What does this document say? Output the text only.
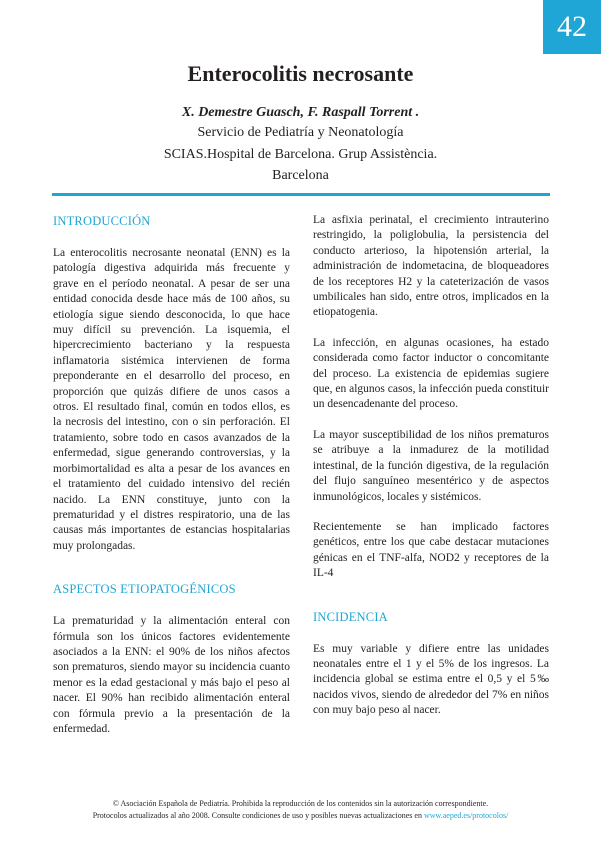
42
Enterocolitis necrosante
X. Demestre Guasch, F. Raspall Torrent .
Servicio de Pediatría y Neonatología
SCIAS.Hospital de Barcelona. Grup Assistència.
Barcelona
INTRODUCCIÓN

La enterocolitis necrosante neonatal (ENN) es la patología digestiva adquirida más frecuente y grave en el período neonatal. A pesar de ser una entidad conocida desde hace más de 100 años, su etiología sigue siendo desconocida, lo que hace muy difícil su prevención. La isquemia, el hipercrecimiento bacteriano y la respuesta inflamatoria sistémica intervienen de forma preponderante en el desarrollo del proceso, en proporción que quizás difiere de unos casos a otros. El resultado final, común en todos ellos, es la necrosis del intestino, con o sin perforación. El tratamiento, sobre todo en casos avanzados de la enfermedad, sigue generando controversias, y la morbimortalidad es alta a pesar de los avances en el tratamiento del cuidado intensivo del recién nacido. La ENN constituye, junto con la prematuridad y el distres respiratorio, una de las causas más importantes de estancias hospitalarias muy prolongadas.

ASPECTOS ETIOPATOGÉNICOS

La prematuridad y la alimentación enteral con fórmula son los únicos factores evidentemente asociados a la ENN: el 90% de los niños afectos son prematuros, siendo mayor su incidencia cuanto menor es la edad gestacional y más bajo el peso al nacer. El 90% han recibido alimentación enteral con fórmula previo a la presentación de la enfermedad.

La asfixia perinatal, el crecimiento intrauterino restringido, la poliglobulia, la persistencia del conducto arterioso, la hipotensión arterial, la administración de indometacina, de bloqueadores de los receptores H2 y la cateterización de vasos umbilicales han sido, entre otros, implicados en la etiopatogenia.

La infección, en algunas ocasiones, ha estado considerada como factor inductor o concomitante del proceso. La existencia de epidemias sugiere que, en algunos casos, la infección pueda constituir un desencadenante del proceso.

La mayor susceptibilidad de los niños prematuros se atribuye a la inmadurez de la motilidad intestinal, de la función digestiva, de la regulación del flujo sanguíneo mesentérico y de aspectos inmunológicos, locales y sistémicos.

Recientemente se han implicado factores genéticos, entre los que cabe destacar mutaciones génicas en el TNF-alfa, NOD2 y receptores de la IL-4

INCIDENCIA

Es muy variable y difiere entre las unidades neonatales entre el 1 y el 5% de los ingresos. La incidencia global se estima entre el 0,5 y el 5‰ nacidos vivos, siendo de alrededor del 7% en niños con muy bajo peso al nacer.

© Asociación Española de Pediatría. Prohibida la reproducción de los contenidos sin la autorización correspondiente.
Protocolos actualizados al año 2008. Consulte condiciones de uso y posibles nuevas actualizaciones en www.aeped.es/protocolos/
